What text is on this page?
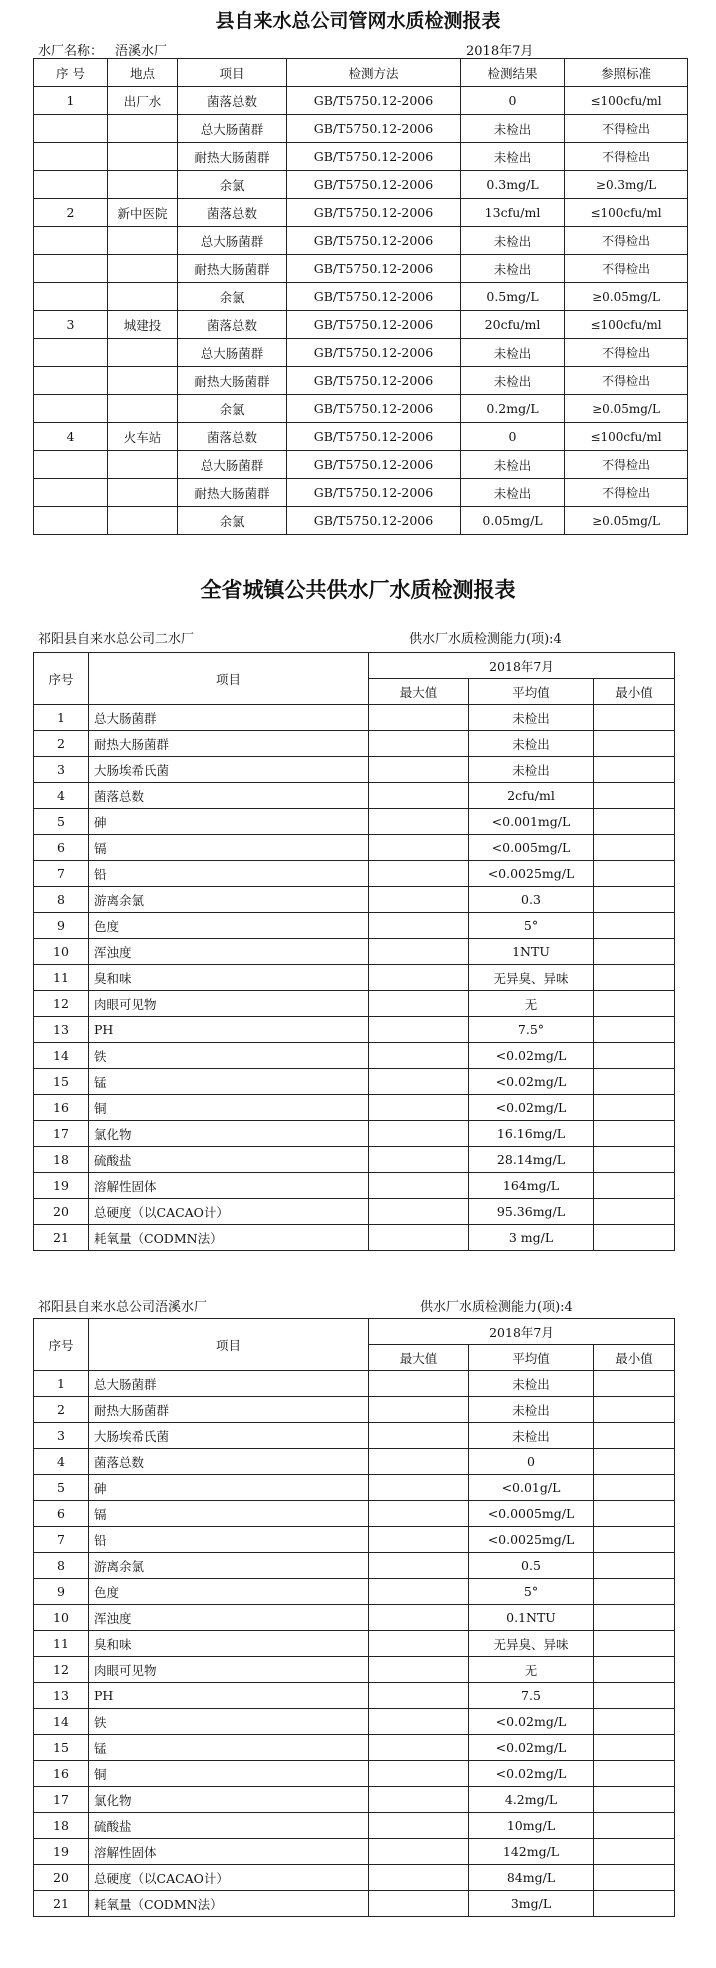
县自来水总公司管网水质检测报表
水厂名称： 浯溪水厂	2018年7月
序 号	地点	项目	检测方法	检测结果	参照标准
1	出厂水	菌落总数	GB/T5750.12-2006	0	≤100cfu/ml
		总大肠菌群	GB/T5750.12-2006	未检出	不得检出
		耐热大肠菌群	GB/T5750.12-2006	未检出	不得检出
		余氯	GB/T5750.12-2006	0.3mg/L	≥0.3mg/L
2	新中医院	菌落总数	GB/T5750.12-2006	13cfu/ml	≤100cfu/ml
		总大肠菌群	GB/T5750.12-2006	未检出	不得检出
		耐热大肠菌群	GB/T5750.12-2006	未检出	不得检出
		余氯	GB/T5750.12-2006	0.5mg/L	≥0.05mg/L
3	城建投	菌落总数	GB/T5750.12-2006	20cfu/ml	≤100cfu/ml
		总大肠菌群	GB/T5750.12-2006	未检出	不得检出
		耐热大肠菌群	GB/T5750.12-2006	未检出	不得检出
		余氯	GB/T5750.12-2006	0.2mg/L	≥0.05mg/L
4	火车站	菌落总数	GB/T5750.12-2006	0	≤100cfu/ml
		总大肠菌群	GB/T5750.12-2006	未检出	不得检出
		耐热大肠菌群	GB/T5750.12-2006	未检出	不得检出
		余氯	GB/T5750.12-2006	0.05mg/L	≥0.05mg/L
全省城镇公共供水厂水质检测报表
祁阳县自来水总公司二水厂	供水厂水质检测能力(项):4
序号	项目	2018年7月		
		最大值	平均值	最小值
1	总大肠菌群		未检出	
2	耐热大肠菌群		未检出	
3	大肠埃希氏菌		未检出	
4	菌落总数		2cfu/ml	
5	砷		<0.001mg/L	
6	镉		<0.005mg/L	
7	铅		<0.0025mg/L	
8	游离余氯		0.3	
9	色度		5°	
10	浑浊度		1NTU	
11	臭和味		无异臭、异味	
12	肉眼可见物		无	
13	PH		7.5°	
14	铁		<0.02mg/L	
15	锰		<0.02mg/L	
16	铜		<0.02mg/L	
17	氯化物		16.16mg/L	
18	硫酸盐		28.14mg/L	
19	溶解性固体		164mg/L	
20	总硬度（以CACAO计）		95.36mg/L	
21	耗氧量（CODMN法）		3 mg/L	
祁阳县自来水总公司浯溪水厂	供水厂水质检测能力(项):4
序号	项目	2018年7月		
		最大值	平均值	最小值
1	总大肠菌群		未检出	
2	耐热大肠菌群		未检出	
3	大肠埃希氏菌		未检出	
4	菌落总数		0	
5	砷		<0.01g/L	
6	镉		<0.0005mg/L	
7	铅		<0.0025mg/L	
8	游离余氯		0.5	
9	色度		5°	
10	浑浊度		0.1NTU	
11	臭和味		无异臭、异味	
12	肉眼可见物		无	
13	PH		7.5	
14	铁		<0.02mg/L	
15	锰		<0.02mg/L	
16	铜		<0.02mg/L	
17	氯化物		4.2mg/L	
18	硫酸盐		10mg/L	
19	溶解性固体		142mg/L	
20	总硬度（以CACAO计）		84mg/L	
21	耗氧量（CODMN法）		3mg/L	
